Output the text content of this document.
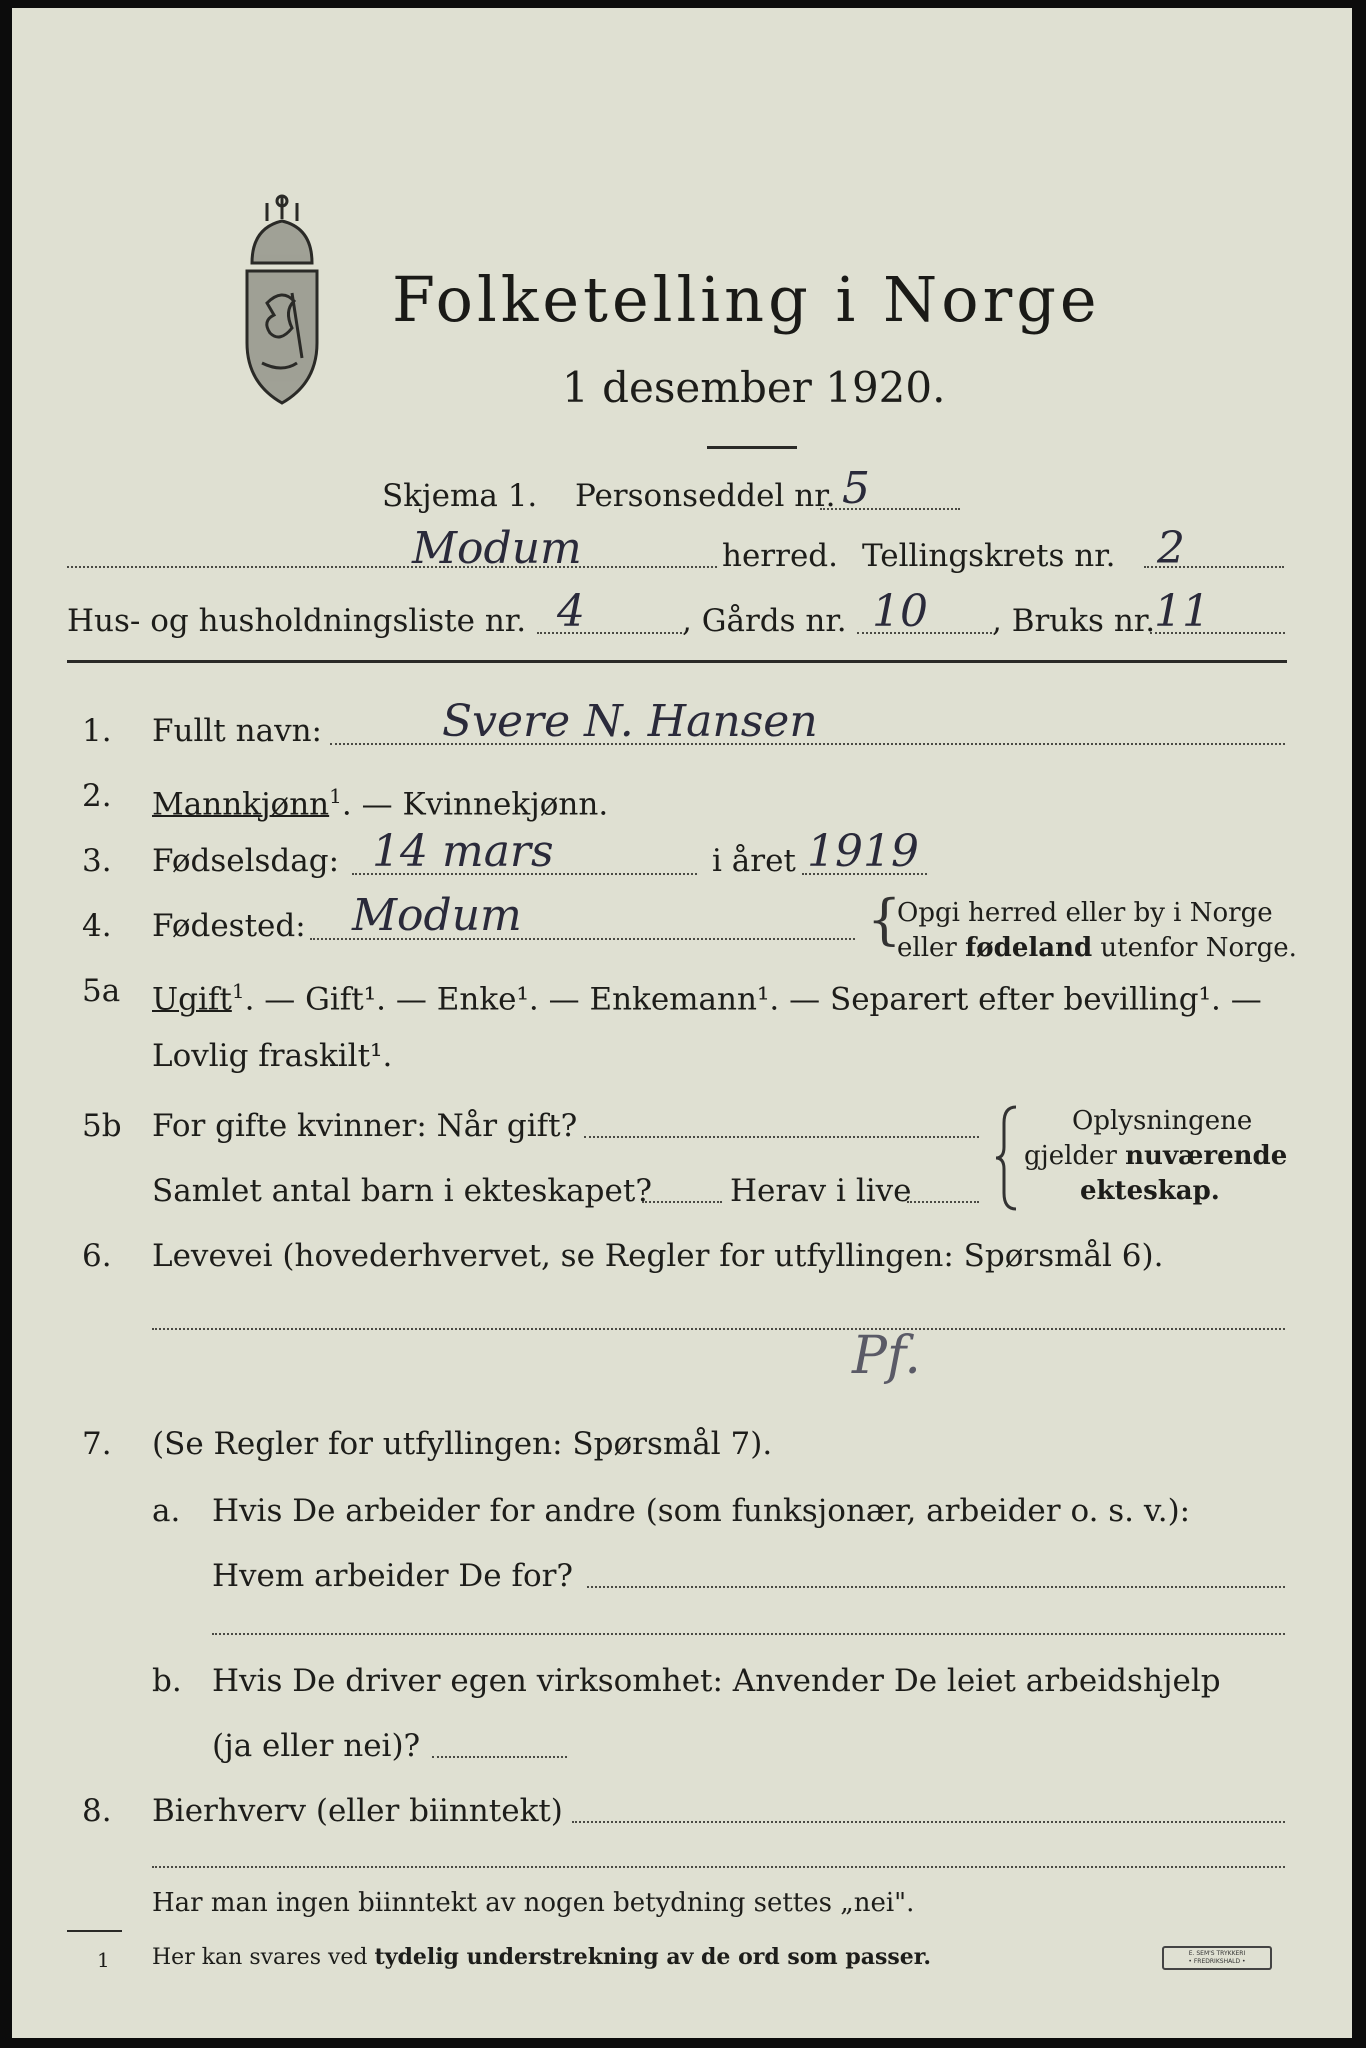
Folketelling i Norge
1 desember 1920.
Skjema 1. Personseddel nr. 5
Modum	herred. Tellingskrets nr. 2
Hus- og husholdningsliste nr. 4	, Gårds nr. 10 , Bruks nr.
11
1. Fullt navn:	Svere N. Hansen
2. Mannkjønn$^1$. — Kvinnekjønn.
3. Fødselsdag: 14 mars	i året 1919
4. Fødested: Modum	{
Opgi herred eller by i Norge
eller fødeland utenfor Norge.
5a Ugift$^1$. — Gift¹. — Enke¹. — Enkemann¹. — Separert efter bevilling¹. —
Lovlig fraskilt¹.
5b For gifte kvinner: Når gift?
Samlet antal barn i ekteskapet?	Herav i live
Oplysningene
gjelder nuværende
ekteskap.
6. Levevei (hovederhvervet, se Regler for utfyllingen: Spørsmål 6).
Pf.
7. (Se Regler for utfyllingen: Spørsmål 7).
a. Hvis De arbeider for andre (som funksjonær, arbeider o. s. v.):
Hvem arbeider De for?
b. Hvis De driver egen virksomhet: Anvender De leiet arbeidshjelp
(ja eller nei)?
8. Bierhverv (eller biinntekt)
Har man ingen biinntekt av nogen betydning settes „nei".
1 Her kan svares ved tydelig understrekning av de ord som passer.	E. SEM'S TRYKKERI
• FREDRIKSHALD •
